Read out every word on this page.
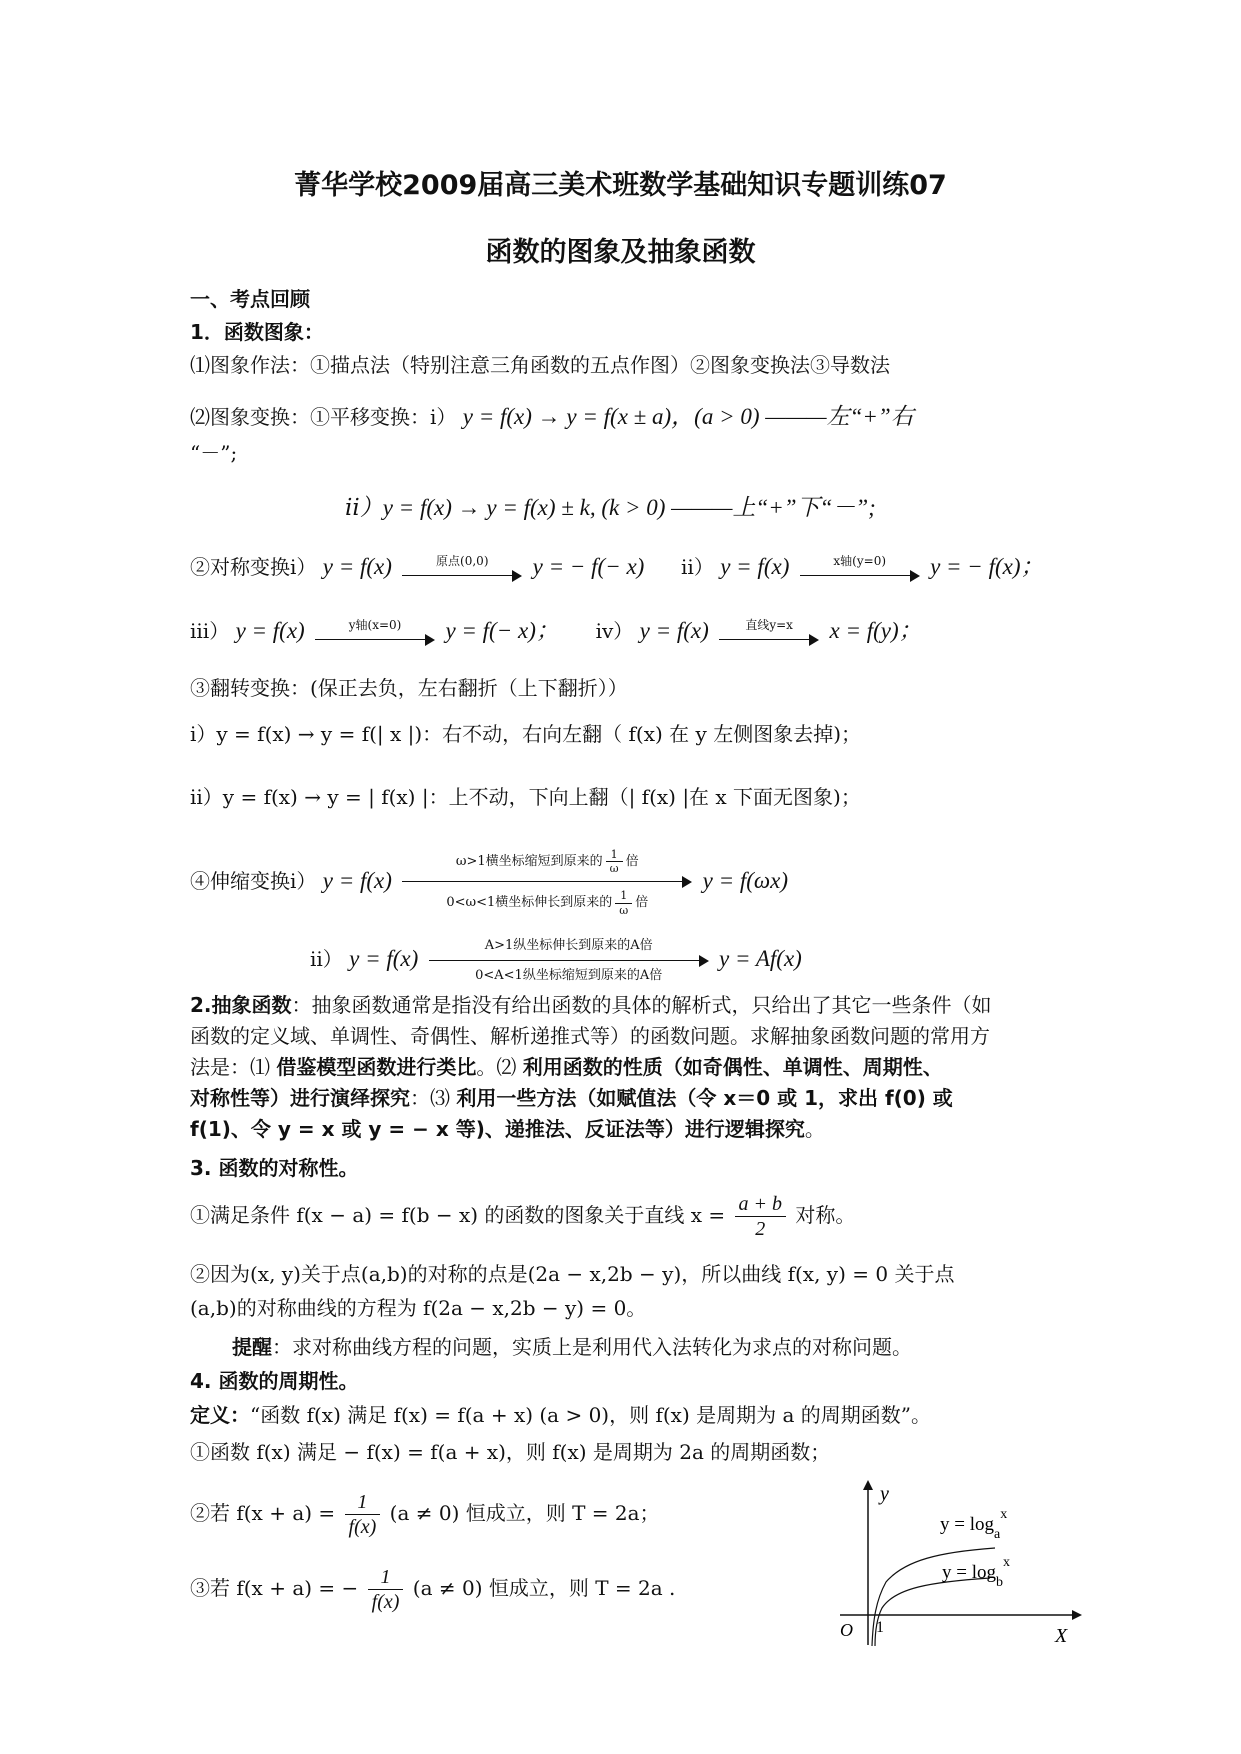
菁华学校2009届高三美术班数学基础知识专题训练07
函数的图象及抽象函数
一、考点回顾
1．函数图象：
⑴图象作法：①描点法（特别注意三角函数的五点作图）②图象变换法③导数法
⑵图象变换：①平移变换：ⅰ） y = f(x) → y = f(x ± a)，(a > 0) ———左“+”右
“－”;
ⅱ）y = f(x) → y = f(x) ± k, (k > 0) ———上“+”下“－”;
②对称变换ⅰ） y = f(x)	原点(0,0)	y = − f(− x) ⅱ） y = f(x)	x轴(y=0)	y = − f(x)；
ⅲ） y = f(x)	y轴(x=0)	y = f(− x)； ⅳ） y = f(x)	直线y=x	x = f(y)；
③翻转变换：(保正去负，左右翻折（上下翻折））
ⅰ）y = f(x) → y = f(| x |)：右不动，右向左翻（ f(x) 在 y 左侧图象去掉)；
ⅱ）y = f(x) → y = | f(x) |：上不动，下向上翻（| f(x) |在 x 下面无图象)；
④伸缩变换ⅰ） y = f(x)
ω>1横坐标缩短到原来的 $\frac{1}{\omega}$ 倍
0<ω<1横坐标伸长到原来的 $\frac{1}{\omega}$ 倍
y = f(ωx)
ⅱ） y = f(x)
A>1纵坐标伸长到原来的A倍
0<A<1纵坐标缩短到原来的A倍
y = Af(x)
2.抽象函数：抽象函数通常是指没有给出函数的具体的解析式，只给出了其它一些条件（如
函数的定义域、单调性、奇偶性、解析递推式等）的函数问题。求解抽象函数问题的常用方
法是：⑴ 借鉴模型函数进行类比。⑵ 利用函数的性质（如奇偶性、单调性、周期性、
对称性等）进行演绎探究：⑶ 利用一些方法（如赋值法（令 x＝0 或 1，求出 f(0) 或
f(1)、令 y = x 或 y = − x 等)、递推法、反证法等）进行逻辑探究。
3. 函数的对称性。
①满足条件 f(x − a) = f(b − x) 的函数的图象关于直线 $x = \frac{a + b}{2}$ 对称。
②因为(x, y)关于点(a,b)的对称的点是(2a − x,2b − y)，所以曲线 f(x, y) = 0 关于点
(a,b)的对称曲线的方程为 f(2a − x,2b − y) = 0。
提醒：求对称曲线方程的问题，实质上是利用代入法转化为求点的对称问题。
4. 函数的周期性。
定义：“函数 f(x) 满足 f(x) = f(a + x) (a > 0)，则 f(x) 是周期为 a 的周期函数”。
①函数 f(x) 满足 − f(x) = f(a + x)，则 f(x) 是周期为 2a 的周期函数；
②若 $f(x + a) = \frac{1}{f(x)} (a \ne 0)$ 恒成立，则 T = 2a；
③若 f(x + a) = − $\frac{1}{f(x)} (a \ne 0)$ 恒成立，则 T = 2a .
y
X
O 1
$y = \log_a^x$
$y = \log_b^x$
